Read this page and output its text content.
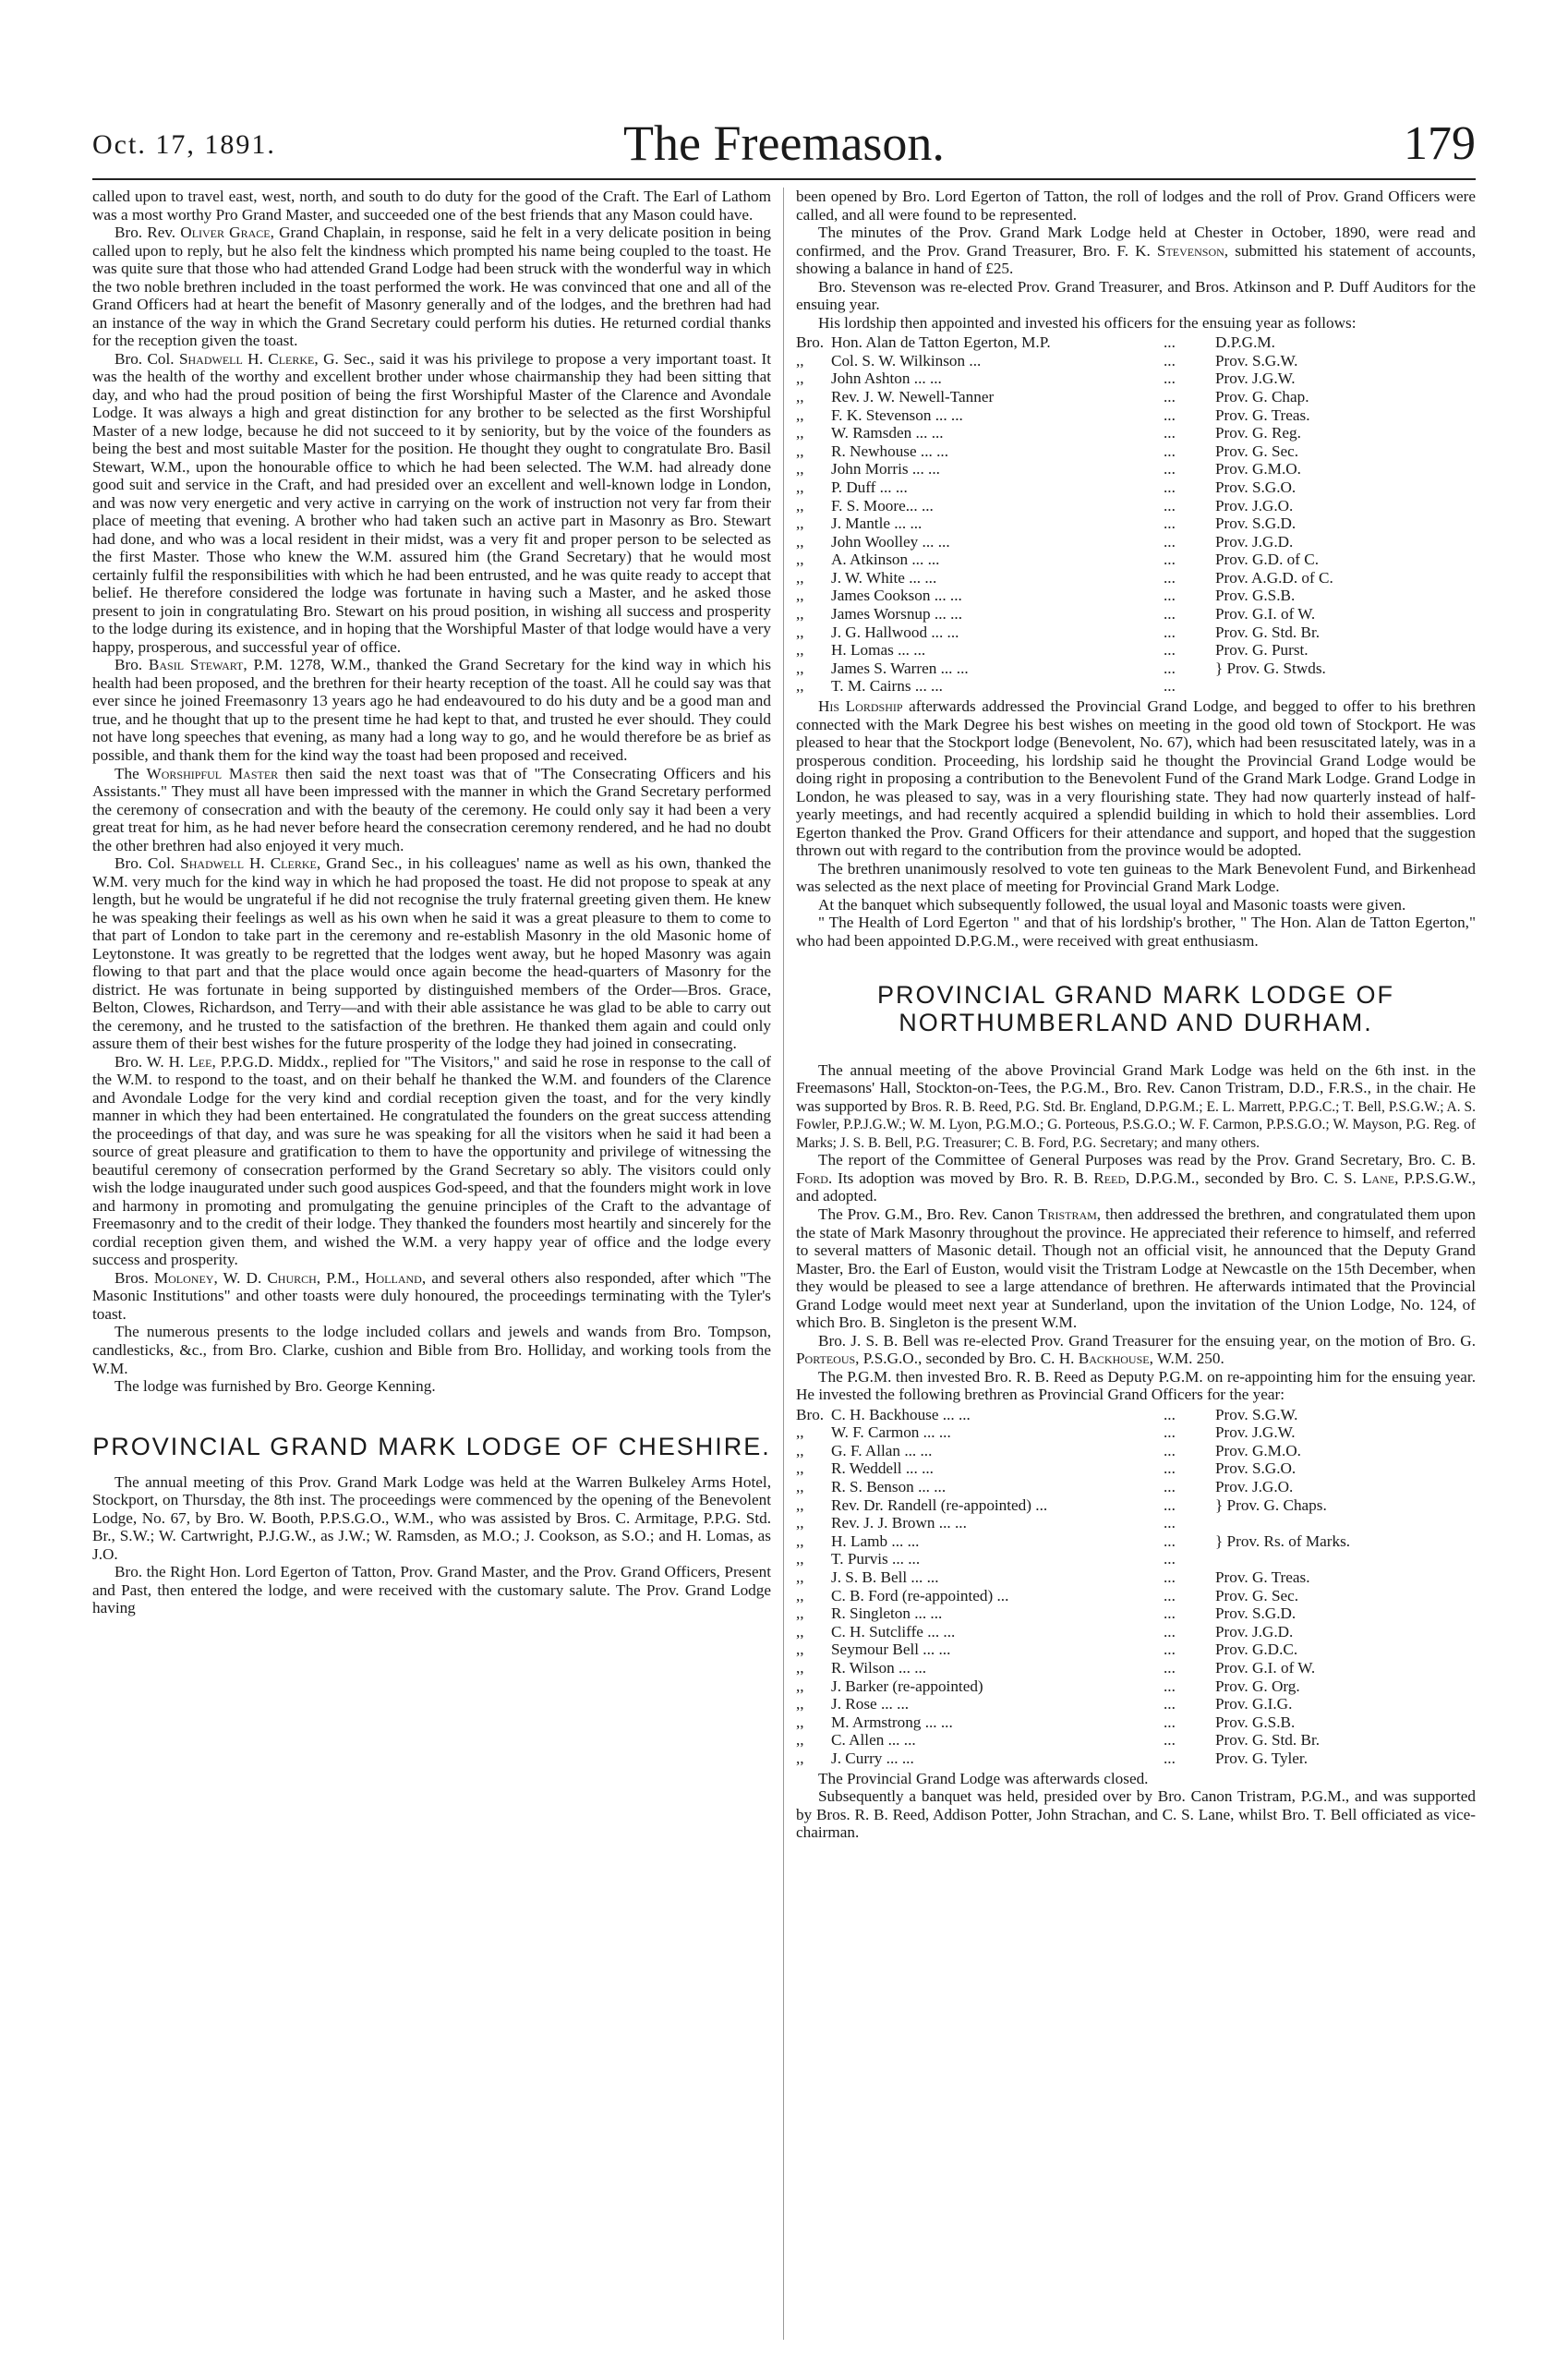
Oct. 17, 1891.	The Freemason.	179

called upon to travel east, west, north, and south to do duty for the good of the Craft. The Earl of Lathom was a most worthy Pro Grand Master, and succeeded one of the best friends that any Mason could have.

Bro. Rev. Oliver Grace, Grand Chaplain, in response, said he felt in a very delicate position in being called upon to reply, but he also felt the kindness which prompted his name being coupled to the toast. He was quite sure that those who had attended Grand Lodge had been struck with the wonderful way in which the two noble brethren included in the toast performed the work. He was convinced that one and all of the Grand Officers had at heart the benefit of Masonry generally and of the lodges, and the brethren had had an instance of the way in which the Grand Secretary could perform his duties. He returned cordial thanks for the reception given the toast.

Bro. Col. Shadwell H. Clerke, G. Sec., said it was his privilege to propose a very important toast. It was the health of the worthy and excellent brother under whose chairmanship they had been sitting that day, and who had the proud position of being the first Worshipful Master of the Clarence and Avondale Lodge. It was always a high and great distinction for any brother to be selected as the first Worshipful Master of a new lodge, because he did not succeed to it by seniority, but by the voice of the founders as being the best and most suitable Master for the position. He thought they ought to congratulate Bro. Basil Stewart, W.M., upon the honourable office to which he had been selected. The W.M. had already done good suit and service in the Craft, and had presided over an excellent and well-known lodge in London, and was now very energetic and very active in carrying on the work of instruction not very far from their place of meeting that evening. A brother who had taken such an active part in Masonry as Bro. Stewart had done, and who was a local resident in their midst, was a very fit and proper person to be selected as the first Master. Those who knew the W.M. assured him (the Grand Secretary) that he would most certainly fulfil the responsibilities with which he had been entrusted, and he was quite ready to accept that belief. He therefore considered the lodge was fortunate in having such a Master, and he asked those present to join in congratulating Bro. Stewart on his proud position, in wishing all success and prosperity to the lodge during its existence, and in hoping that the Worshipful Master of that lodge would have a very happy, prosperous, and successful year of office.

Bro. Basil Stewart, P.M. 1278, W.M., thanked the Grand Secretary for the kind way in which his health had been proposed, and the brethren for their hearty reception of the toast. All he could say was that ever since he joined Freemasonry 13 years ago he had endeavoured to do his duty and be a good man and true, and he thought that up to the present time he had kept to that, and trusted he ever should. They could not have long speeches that evening, as many had a long way to go, and he would therefore be as brief as possible, and thank them for the kind way the toast had been proposed and received.

The Worshipful Master then said the next toast was that of "The Consecrating Officers and his Assistants." They must all have been impressed with the manner in which the Grand Secretary performed the ceremony of consecration and with the beauty of the ceremony. He could only say it had been a very great treat for him, as he had never before heard the consecration ceremony rendered, and he had no doubt the other brethren had also enjoyed it very much.

Bro. Col. Shadwell H. Clerke, Grand Sec., in his colleagues' name as well as his own, thanked the W.M. very much for the kind way in which he had proposed the toast. He did not propose to speak at any length, but he would be ungrateful if he did not recognise the truly fraternal greeting given them. He knew he was speaking their feelings as well as his own when he said it was a great pleasure to them to come to that part of London to take part in the ceremony and re-establish Masonry in the old Masonic home of Leytonstone. It was greatly to be regretted that the lodges went away, but he hoped Masonry was again flowing to that part and that the place would once again become the head-quarters of Masonry for the district. He was fortunate in being supported by distinguished members of the Order—Bros. Grace, Belton, Clowes, Richardson, and Terry—and with their able assistance he was glad to be able to carry out the ceremony, and he trusted to the satisfaction of the brethren. He thanked them again and could only assure them of their best wishes for the future prosperity of the lodge they had joined in consecrating.

Bro. W. H. Lee, P.P.G.D. Middx., replied for "The Visitors," and said he rose in response to the call of the W.M. to respond to the toast, and on their behalf he thanked the W.M. and founders of the Clarence and Avondale Lodge for the very kind and cordial reception given the toast, and for the very kindly manner in which they had been entertained. He congratulated the founders on the great success attending the proceedings of that day, and was sure he was speaking for all the visitors when he said it had been a source of great pleasure and gratification to them to have the opportunity and privilege of witnessing the beautiful ceremony of consecration performed by the Grand Secretary so ably. The visitors could only wish the lodge inaugurated under such good auspices God-speed, and that the founders might work in love and harmony in promoting and promulgating the genuine principles of the Craft to the advantage of Freemasonry and to the credit of their lodge. They thanked the founders most heartily and sincerely for the cordial reception given them, and wished the W.M. a very happy year of office and the lodge every success and prosperity.

Bros. Moloney, W. D. Church, P.M., Holland, and several others also responded, after which "The Masonic Institutions" and other toasts were duly honoured, the proceedings terminating with the Tyler's toast.

The numerous presents to the lodge included collars and jewels and wands from Bro. Tompson, candlesticks, &c., from Bro. Clarke, cushion and Bible from Bro. Holliday, and working tools from the W.M.

The lodge was furnished by Bro. George Kenning.

PROVINCIAL GRAND MARK LODGE OF CHESHIRE.

The annual meeting of this Prov. Grand Mark Lodge was held at the Warren Bulkeley Arms Hotel, Stockport, on Thursday, the 8th inst. The proceedings were commenced by the opening of the Benevolent Lodge, No. 67, by Bro. W. Booth, P.P.S.G.O., W.M., who was assisted by Bros. C. Armitage, P.P.G. Std. Br., S.W.; W. Cartwright, P.J.G.W., as J.W.; W. Ramsden, as M.O.; J. Cookson, as S.O.; and H. Lomas, as J.O.

Bro. the Right Hon. Lord Egerton of Tatton, Prov. Grand Master, and the Prov. Grand Officers, Present and Past, then entered the lodge, and were received with the customary salute. The Prov. Grand Lodge having

been opened by Bro. Lord Egerton of Tatton, the roll of lodges and the roll of Prov. Grand Officers were called, and all were found to be represented.

The minutes of the Prov. Grand Mark Lodge held at Chester in October, 1890, were read and confirmed, and the Prov. Grand Treasurer, Bro. F. K. Stevenson, submitted his statement of accounts, showing a balance in hand of £25.

Bro. Stevenson was re-elected Prov. Grand Treasurer, and Bros. Atkinson and P. Duff Auditors for the ensuing year.

His lordship then appointed and invested his officers for the ensuing year as follows:

Bro. Hon. Alan de Tatton Egerton, M.P.	...	D.P.G.M.
,,	Col. S. W. Wilkinson ...	...	Prov. S.G.W.
,,	John Ashton ... ...	...	Prov. J.G.W.
,,	Rev. J. W. Newell-Tanner	...	Prov. G. Chap.
,,	F. K. Stevenson ... ...	...	Prov. G. Treas.
,,	W. Ramsden ... ...	...	Prov. G. Reg.
,,	R. Newhouse ... ...	...	Prov. G. Sec.
,,	John Morris ... ...	...	Prov. G.M.O.
,,	P. Duff ... ...	...	Prov. S.G.O.
,,	F. S. Moore... ...	...	Prov. J.G.O.
,,	J. Mantle ... ...	...	Prov. S.G.D.
,,	John Woolley ... ...	...	Prov. J.G.D.
,,	A. Atkinson ... ...	...	Prov. G.D. of C.
,,	J. W. White ... ...	...	Prov. A.G.D. of C.
,,	James Cookson ... ...	...	Prov. G.S.B.
,,	James Worsnup ... ...	...	Prov. G.I. of W.
,,	J. G. Hallwood ... ...	...	Prov. G. Std. Br.
,,	H. Lomas ... ...	...	Prov. G. Purst.
,,	James S. Warren ... ...	...	} Prov. G. Stwds.
,,	T. M. Cairns ... ...	...

His Lordship afterwards addressed the Provincial Grand Lodge, and begged to offer to his brethren connected with the Mark Degree his best wishes on meeting in the good old town of Stockport. He was pleased to hear that the Stockport lodge (Benevolent, No. 67), which had been resuscitated lately, was in a prosperous condition. Proceeding, his lordship said he thought the Provincial Grand Lodge would be doing right in proposing a contribution to the Benevolent Fund of the Grand Mark Lodge. Grand Lodge in London, he was pleased to say, was in a very flourishing state. They had now quarterly instead of half-yearly meetings, and had recently acquired a splendid building in which to hold their assemblies. Lord Egerton thanked the Prov. Grand Officers for their attendance and support, and hoped that the suggestion thrown out with regard to the contribution from the province would be adopted.

The brethren unanimously resolved to vote ten guineas to the Mark Benevolent Fund, and Birkenhead was selected as the next place of meeting for Provincial Grand Mark Lodge.

At the banquet which subsequently followed, the usual loyal and Masonic toasts were given.

" The Health of Lord Egerton " and that of his lordship's brother, " The Hon. Alan de Tatton Egerton," who had been appointed D.P.G.M., were received with great enthusiasm.

PROVINCIAL GRAND MARK LODGE OF NORTHUMBERLAND AND DURHAM.

The annual meeting of the above Provincial Grand Mark Lodge was held on the 6th inst. in the Freemasons' Hall, Stockton-on-Tees, the P.G.M., Bro. Rev. Canon Tristram, D.D., F.R.S., in the chair. He was supported by Bros. R. B. Reed, P.G. Std. Br. England, D.P.G.M.; E. L. Marrett, P.P.G.C.; T. Bell, P.S.G.W.; A. S. Fowler, P.P.J.G.W.; W. M. Lyon, P.G.M.O.; G. Porteous, P.S.G.O.; W. F. Carmon, P.P.S.G.O.; W. Mayson, P.G. Reg. of Marks; J. S. B. Bell, P.G. Treasurer; C. B. Ford, P.G. Secretary; and many others.

The report of the Committee of General Purposes was read by the Prov. Grand Secretary, Bro. C. B. Ford. Its adoption was moved by Bro. R. B. Reed, D.P.G.M., seconded by Bro. C. S. Lane, P.P.S.G.W., and adopted.

The Prov. G.M., Bro. Rev. Canon Tristram, then addressed the brethren, and congratulated them upon the state of Mark Masonry throughout the province. He appreciated their reference to himself, and referred to several matters of Masonic detail. Though not an official visit, he announced that the Deputy Grand Master, Bro. the Earl of Euston, would visit the Tristram Lodge at Newcastle on the 15th December, when they would be pleased to see a large attendance of brethren. He afterwards intimated that the Provincial Grand Lodge would meet next year at Sunderland, upon the invitation of the Union Lodge, No. 124, of which Bro. B. Singleton is the present W.M.

Bro. J. S. B. Bell was re-elected Prov. Grand Treasurer for the ensuing year, on the motion of Bro. G. Porteous, P.S.G.O., seconded by Bro. C. H. Backhouse, W.M. 250.

The P.G.M. then invested Bro. R. B. Reed as Deputy P.G.M. on re-appointing him for the ensuing year. He invested the following brethren as Provincial Grand Officers for the year:

Bro. C. H. Backhouse ... ...	...	Prov. S.G.W.
,,	W. F. Carmon ... ...	...	Prov. J.G.W.
,,	G. F. Allan ... ...	...	Prov. G.M.O.
,,	R. Weddell ... ...	...	Prov. S.G.O.
,,	R. S. Benson ... ...	...	Prov. J.G.O.
,,	Rev. Dr. Randell (re-appointed) ...	...	} Prov. G. Chaps.
,,	Rev. J. J. Brown ... ...	...
,,	H. Lamb ... ...	...	} Prov. Rs. of Marks.
,,	T. Purvis ... ...	...
,,	J. S. B. Bell ... ...	...	Prov. G. Treas.
,,	C. B. Ford (re-appointed) ...	...	Prov. G. Sec.
,,	R. Singleton ... ...	...	Prov. S.G.D.
,,	C. H. Sutcliffe ... ...	...	Prov. J.G.D.
,,	Seymour Bell ... ...	...	Prov. G.D.C.
,,	R. Wilson ... ...	...	Prov. G.I. of W.
,,	J. Barker (re-appointed)	...	Prov. G. Org.
,,	J. Rose ... ...	...	Prov. G.I.G.
,,	M. Armstrong ... ...	...	Prov. G.S.B.
,,	C. Allen ... ...	...	Prov. G. Std. Br.
,,	J. Curry ... ...	...	Prov. G. Tyler.

The Provincial Grand Lodge was afterwards closed.

Subsequently a banquet was held, presided over by Bro. Canon Tristram, P.G.M., and was supported by Bros. R. B. Reed, Addison Potter, John Strachan, and C. S. Lane, whilst Bro. T. Bell officiated as vice-chairman.
